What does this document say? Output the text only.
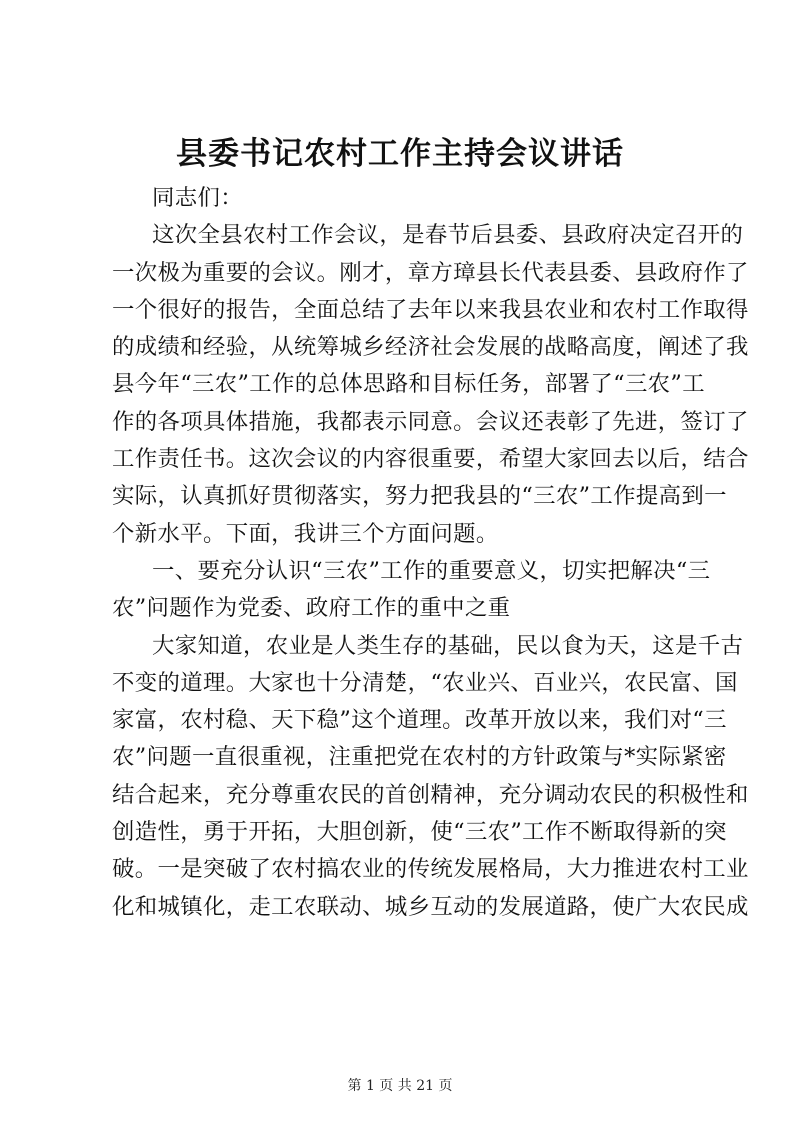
县委书记农村工作主持会议讲话
同志们：
这次全县农村工作会议，是春节后县委、县政府决定召开的
一次极为重要的会议。刚才，章方璋县长代表县委、县政府作了
一个很好的报告，全面总结了去年以来我县农业和农村工作取得
的成绩和经验，从统筹城乡经济社会发展的战略高度，阐述了我
县今年“三农”工作的总体思路和目标任务，部署了“三农”工
作的各项具体措施，我都表示同意。会议还表彰了先进，签订了
工作责任书。这次会议的内容很重要，希望大家回去以后，结合
实际，认真抓好贯彻落实，努力把我县的“三农”工作提高到一
个新水平。下面，我讲三个方面问题。
一、要充分认识“三农”工作的重要意义，切实把解决“三
农”问题作为党委、政府工作的重中之重
大家知道，农业是人类生存的基础，民以食为天，这是千古
不变的道理。大家也十分清楚，“农业兴、百业兴，农民富、国
家富，农村稳、天下稳”这个道理。改革开放以来，我们对“三
农”问题一直很重视，注重把党在农村的方针政策与*实际紧密
结合起来，充分尊重农民的首创精神，充分调动农民的积极性和
创造性，勇于开拓，大胆创新，使“三农”工作不断取得新的突
破。一是突破了农村搞农业的传统发展格局，大力推进农村工业
化和城镇化，走工农联动、城乡互动的发展道路，使广大农民成
第 1 页 共 21 页
